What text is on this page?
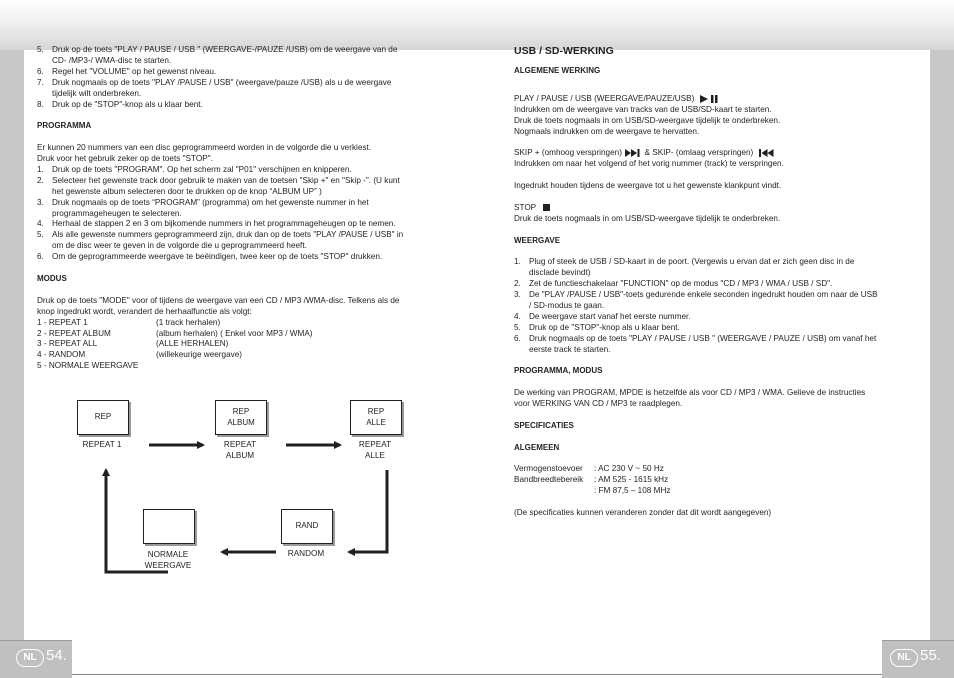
5. Druk op de toets "PLAY / PAUSE / USB " (WEERGAVE-/PAUZE /USB) om de weergave van de
CD- /MP3-/ WMA-disc te starten.
6. Regel het "VOLUME" op het gewenst niveau.
7. Druk nogmaals op de toets "PLAY /PAUSE / USB" (weergave/pauze /USB) als u de weergave
tijdelijk wilt onderbreken.
8. Druk op de "STOP"-knop als u klaar bent.

PROGRAMMA

Er kunnen 20 nummers van een disc geprogrammeerd worden in de volgorde die u verkiest.

Druk voor het gebruik zeker op de toets "STOP".

1. Druk op de toets "PROGRAM". Op het scherm zal "P01" verschijnen en knipperen.
2. Selecteer het gewenste track door gebruik te maken van de toetsen "Skip +" en "Skip -". (U kunt
het gewenste album selecteren door te drukken op de knop “ALBUM UP” )
3. Druk nogmaals op de toets “PROGRAM” (programma) om het gewenste nummer in het
programmageheugen te selecteren.
4. Herhaal de stappen 2 en 3 om bijkomende nummers in het programmageheugen op te nemen.
5. Als alle gewenste nummers geprogrammeerd zijn, druk dan op de toets "PLAY /PAUSE / USB" in
om de disc weer te geven in de volgorde die u geprogrammeerd heeft.
6. Om de geprogrammeerde weergave te beëindigen, twee keer op de toets "STOP" drukken.

MODUS

Druk op de toets "MODE" voor of tijdens de weergave van een CD / MP3 /WMA-disc. Telkens als de

knop ingedrukt wordt, verandert de herhaalfunctie als volgt:

1 - REPEAT 1	(1 track herhalen)
2 - REPEAT ALBUM	(album herhalen) ( Enkel voor MP3 / WMA)
3 - REPEAT ALL	(ALLE HERHALEN)
4 - RANDOM	(willekeurige weergave)
5 - NORMALE WEERGAVE
REP
REP
ALBUM
REP
ALLE
RAND
REPEAT 1	REPEAT
ALBUM
REPEAT
ALLE
RANDOM
NORMALE
WEERGAVE

USB / SD-WERKING

ALGEMENE WERKING

PLAY / PAUSE / USB (WEERGAVE/PAUZE/USB)

Indrukken om de weergave van tracks van de USB/SD-kaart te starten.

Druk de toets nogmaals in om USB/SD-weergave tijdelijk te onderbreken.

Nogmaals indrukken om de weergave te hervatten.

SKIP + (omhoog verspringen)	& SKIP- (omlaag verspringen)

Indrukken om naar het volgend of het vorig nummer (track) te verspringen.

Ingedrukt houden tijdens de weergave tot u het gewenste klankpunt vindt.

STOP

Druk de toets nogmaals in om USB/SD-weergave tijdelijk te onderbreken.

WEERGAVE

1. Plug of steek de USB / SD-kaart in de poort. (Vergewis u ervan dat er zich geen disc in de
disclade bevindt)
2. Zet de functieschakelaar "FUNCTION" op de modus "CD / MP3 / WMA / USB / SD".
3. De "PLAY /PAUSE / USB"-toets gedurende enkele seconden ingedrukt houden om naar de USB
/ SD-modus te gaan.
4. De weergave start vanaf het eerste nummer.
5. Druk op de "STOP"-knop als u klaar bent.
6. Druk nogmaals op de toets "PLAY / PAUSE / USB " (WEERGAVE / PAUZE / USB) om vanaf het
eerste track te starten.

PROGRAMMA, MODUS

De werking van PROGRAM, MPDE is hetzelfde als voor CD / MP3 / WMA. Gelieve de instructies

voor WERKING VAN CD / MP3 te raadplegen.

SPECIFICATIES

ALGEMEEN

Vermogenstoevoer	: AC 230 V ~ 50 Hz
Bandbreedtebereik	: AM 525 - 1615 kHz
: FM 87,5 – 108 MHz

(De specificaties kunnen veranderen zonder dat dit wordt aangegeven)

NL 54.	NL 55.
